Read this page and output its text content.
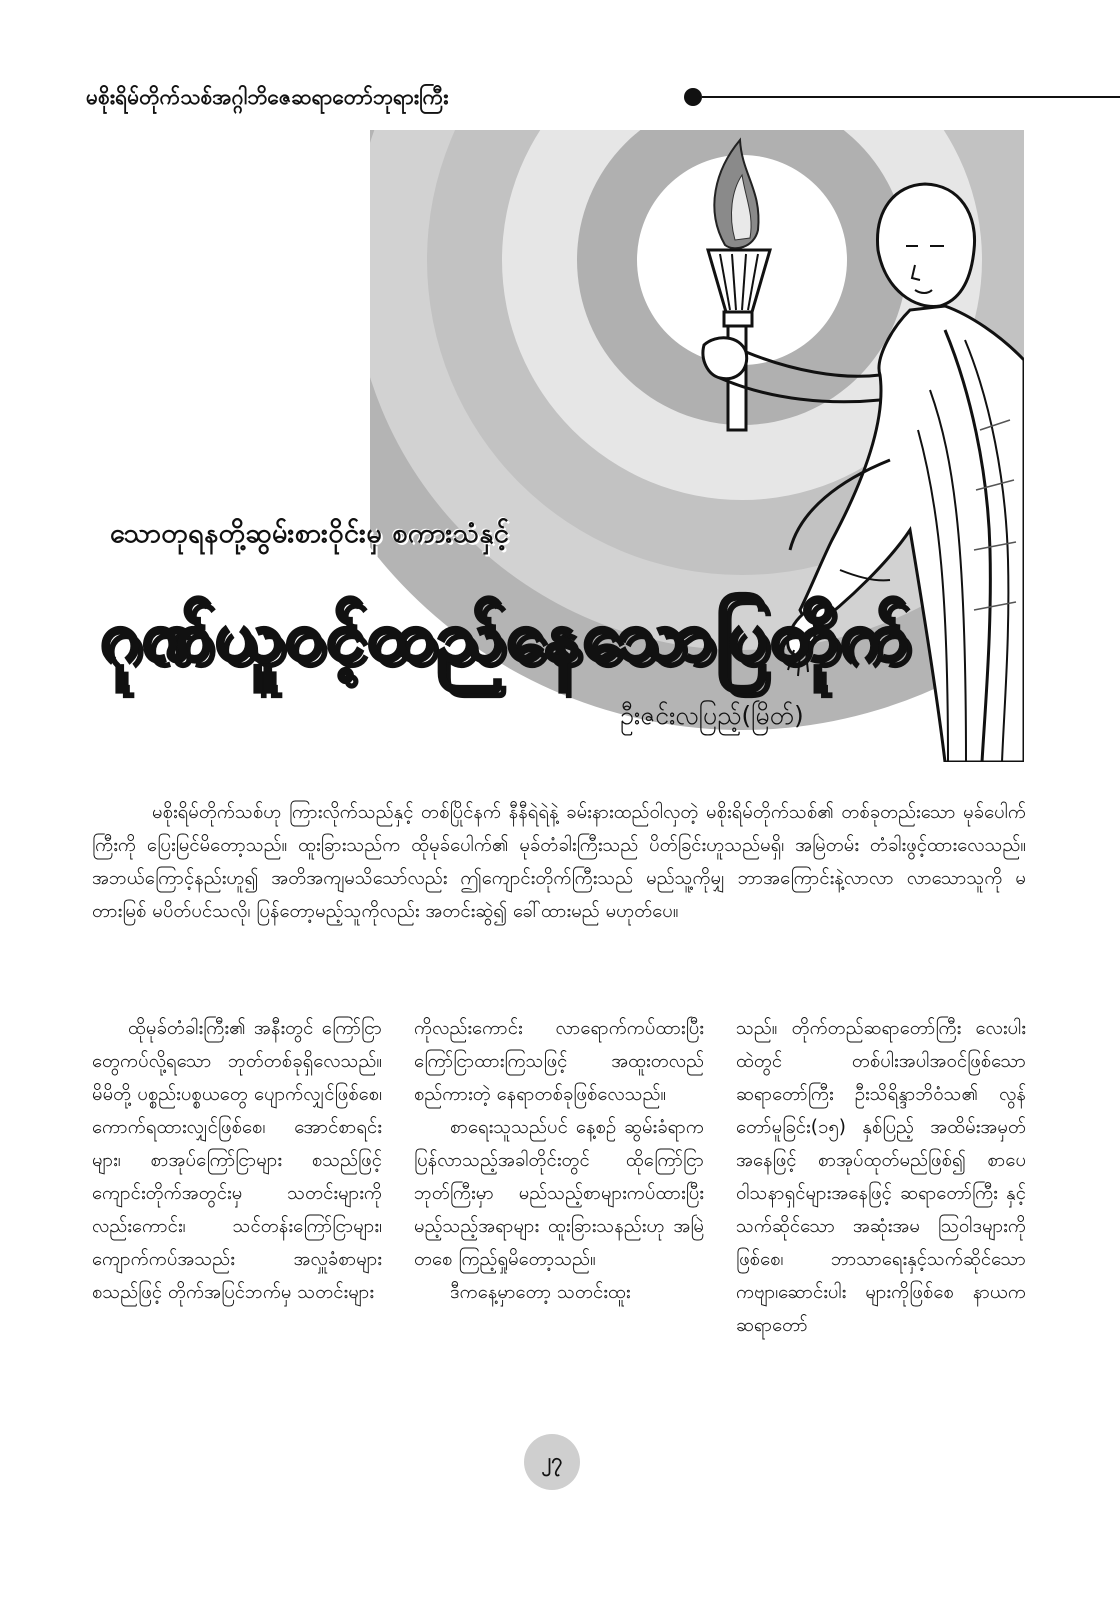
မစိုးရိမ်တိုက်သစ်အဂ္ဂါဘိဇေဆရာတော်ဘုရားကြီး
သောတုရနတို့ဆွမ်းစားဝိုင်းမှ စကားသံနှင့်
ဂုဏ်ယူဝင့်ထည်နေသောပြတိုက်
ဦးဇင်းလပြည့်(မြိတ်)

မစိုးရိမ်တိုက်သစ်ဟု ကြားလိုက်သည်နှင့် တစ်ပြိုင်နက် နီနီရဲရဲနဲ့ ခမ်းနားထည်ဝါလှတဲ့ မစိုးရိမ်တိုက်သစ်၏ တစ်ခုတည်းသော မုခ်ပေါက်ကြီးကို ပြေးမြင်မိတော့သည်။ ထူးခြားသည်က ထိုမုခ်ပေါက်၏ မုခ်တံခါးကြီးသည် ပိတ်ခြင်းဟူသည်မရှိ၊ အမြဲတမ်း တံခါးဖွင့်ထားလေသည်။ အဘယ်ကြောင့်နည်းဟူ၍ အတိအကျမသိသော်လည်း ဤကျောင်းတိုက်ကြီးသည် မည်သူ့ကိုမျှ ဘာအကြောင်းနဲ့လာလာ လာသောသူကို မတားမြစ် မပိတ်ပင်သလို၊ ပြန်တော့မည့်သူကိုလည်း အတင်းဆွဲ၍ ခေါ်ထားမည် မဟုတ်ပေ။

ထိုမုခ်တံခါးကြီး၏ အနီးတွင် ကြော်ငြာတွေကပ်လို့ရသော ဘုတ်တစ်ခုရှိလေသည်။ မိမိတို့ ပစ္စည်းပစ္စယတွေ ပျောက်လျှင်ဖြစ်စေ၊ ကောက်ရထားလျှင်ဖြစ်စေ၊ အောင်စာရင်းများ၊ စာအုပ်ကြော်ငြာများ စသည်ဖြင့် ကျောင်းတိုက်အတွင်းမှ သတင်းများကို လည်းကောင်း၊ သင်တန်းကြော်ငြာများ၊ ကျောက်ကပ်အသည်း အလှူခံစာများစသည်ဖြင့် တိုက်အပြင်ဘက်မှ သတင်းများ

ကိုလည်းကောင်း လာရောက်ကပ်ထားပြီး ကြော်ငြာထားကြသဖြင့် အထူးတလည် စည်ကားတဲ့ နေရာတစ်ခုဖြစ်လေသည်။

စာရေးသူသည်ပင် နေ့စဉ် ဆွမ်းခံရာက ပြန်လာသည့်အခါတိုင်းတွင် ထိုကြော်ငြာဘုတ်ကြီးမှာ မည်သည့်စာများကပ်ထားပြီး မည့်သည့်အရာများ ထူးခြားသနည်းဟု အမြဲတစေ ကြည့်ရှုမိတော့သည်။

ဒီကနေ့မှာတော့ သတင်းထူး

သည်။ တိုက်တည်ဆရာတော်ကြီး လေးပါးထဲတွင် တစ်ပါးအပါအဝင်ဖြစ်သော ဆရာတော်ကြီး ဦးသိရိန္ဒာဘိဝံသ၏ လွန်တော်မူခြင်း(၁၅) နှစ်ပြည့် အထိမ်းအမှတ် အနေဖြင့် စာအုပ်ထုတ်မည်ဖြစ်၍ စာပေဝါသနာရှင်များအနေဖြင့် ဆရာတော်ကြီး နှင့်သက်ဆိုင်သော အဆုံးအမ သြဝါဒများကို ဖြစ်စေ၊ ဘာသာရေးနှင့်သက်ဆိုင်သော ကဗျာ၊ဆောင်းပါး များကိုဖြစ်စေ နာယကဆရာတော်

၂၇
